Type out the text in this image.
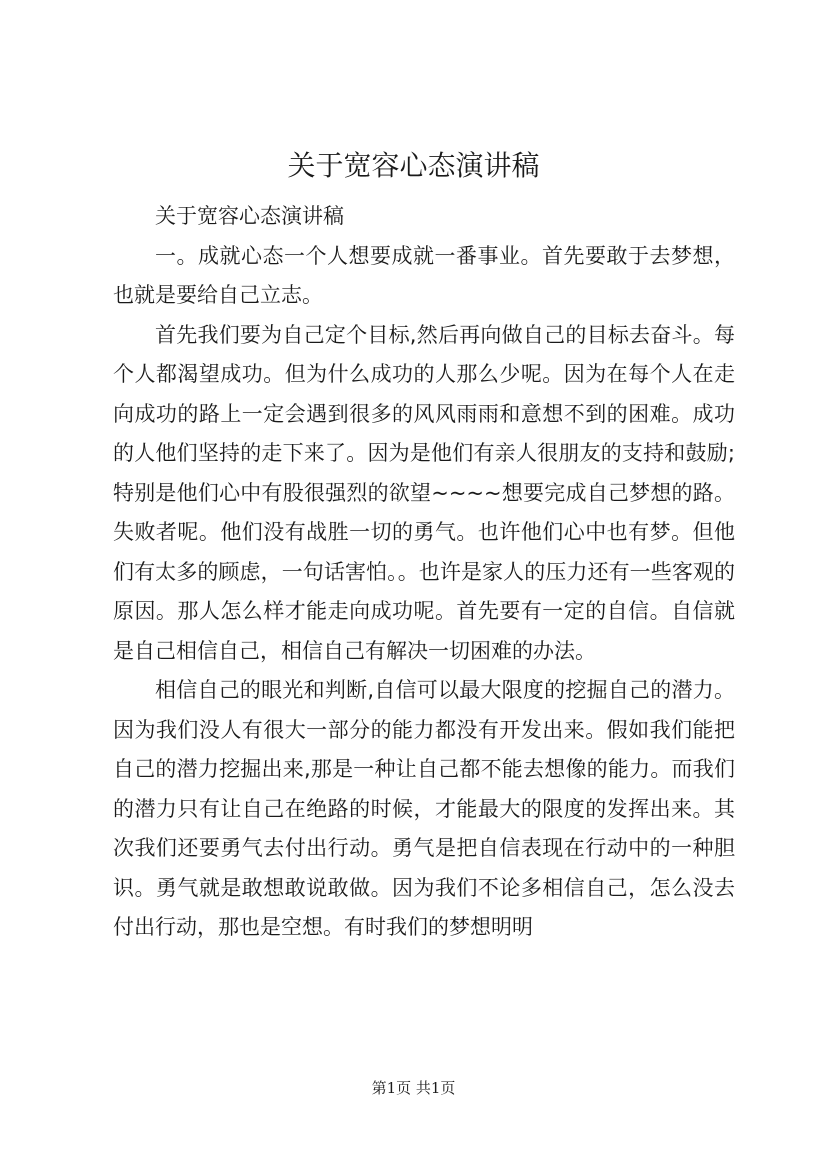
关于宽容心态演讲稿

关于宽容心态演讲稿

一。成就心态一个人想要成就一番事业。首先要敢于去梦想，也就是要给自己立志。

首先我们要为自己定个目标,然后再向做自己的目标去奋斗。每个人都渴望成功。但为什么成功的人那么少呢。因为在每个人在走向成功的路上一定会遇到很多的风风雨雨和意想不到的困难。成功的人他们坚持的走下来了。因为是他们有亲人很朋友的支持和鼓励;特别是他们心中有股很强烈的欲望~~~~想要完成自己梦想的路。失败者呢。他们没有战胜一切的勇气。也许他们心中也有梦。但他们有太多的顾虑，一句话害怕。。也许是家人的压力还有一些客观的原因。那人怎么样才能走向成功呢。首先要有一定的自信。自信就是自己相信自己，相信自己有解决一切困难的办法。

相信自己的眼光和判断,自信可以最大限度的挖掘自己的潜力。因为我们没人有很大一部分的能力都没有开发出来。假如我们能把自己的潜力挖掘出来,那是一种让自己都不能去想像的能力。而我们的潜力只有让自己在绝路的时候，才能最大的限度的发挥出来。其次我们还要勇气去付出行动。勇气是把自信表现在行动中的一种胆识。勇气就是敢想敢说敢做。因为我们不论多相信自己，怎么没去付出行动，那也是空想。有时我们的梦想明明

第1页 共1页
